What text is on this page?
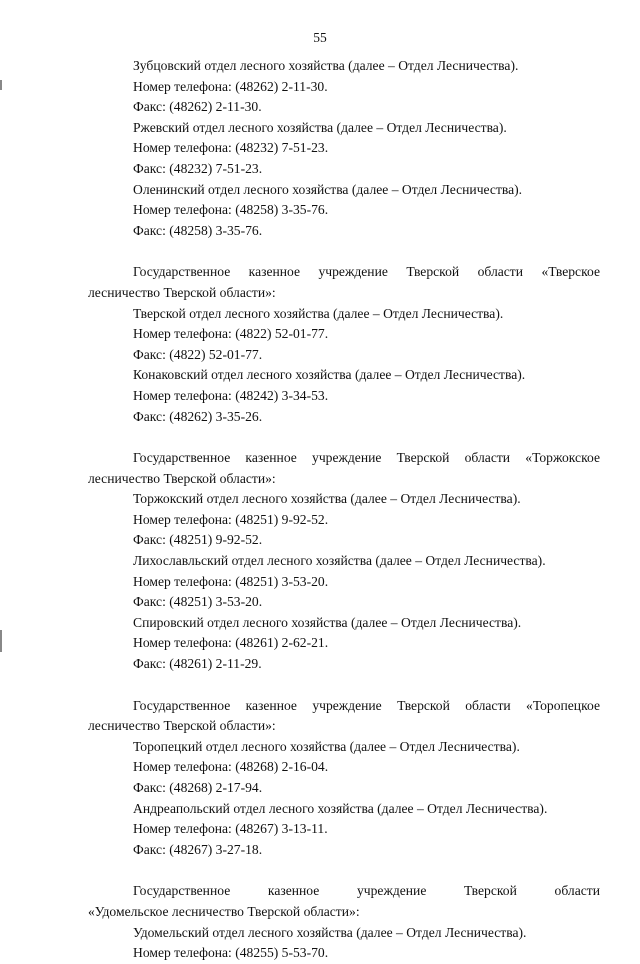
55
Зубцовский отдел лесного хозяйства (далее – Отдел Лесничества).
Номер телефона: (48262) 2-11-30.
Факс: (48262) 2-11-30.
Ржевский отдел лесного хозяйства (далее – Отдел Лесничества).
Номер телефона: (48232) 7-51-23.
Факс: (48232) 7-51-23.
Оленинский отдел лесного хозяйства (далее – Отдел Лесничества).
Номер телефона: (48258) 3-35-76.
Факс: (48258) 3-35-76.
Государственное казенное учреждение Тверской области «Тверское
лесничество Тверской области»:
Тверской отдел лесного хозяйства (далее – Отдел Лесничества).
Номер телефона: (4822) 52-01-77.
Факс: (4822) 52-01-77.
Конаковский отдел лесного хозяйства (далее – Отдел Лесничества).
Номер телефона: (48242) 3-34-53.
Факс: (48262) 3-35-26.
Государственное казенное учреждение Тверской области «Торжокское
лесничество Тверской области»:
Торжокский отдел лесного хозяйства (далее – Отдел Лесничества).
Номер телефона: (48251) 9-92-52.
Факс: (48251) 9-92-52.
Лихославльский отдел лесного хозяйства (далее – Отдел Лесничества).
Номер телефона: (48251) 3-53-20.
Факс: (48251) 3-53-20.
Спировский отдел лесного хозяйства (далее – Отдел Лесничества).
Номер телефона: (48261) 2-62-21.
Факс: (48261) 2-11-29.
Государственное казенное учреждение Тверской области «Торопецкое
лесничество Тверской области»:
Торопецкий отдел лесного хозяйства (далее – Отдел Лесничества).
Номер телефона: (48268) 2-16-04.
Факс: (48268) 2-17-94.
Андреапольский отдел лесного хозяйства (далее – Отдел Лесничества).
Номер телефона: (48267) 3-13-11.
Факс: (48267) 3-27-18.
Государственное казенное учреждение Тверской области
«Удомельское лесничество Тверской области»:
Удомельский отдел лесного хозяйства (далее – Отдел Лесничества).
Номер телефона: (48255) 5-53-70.
